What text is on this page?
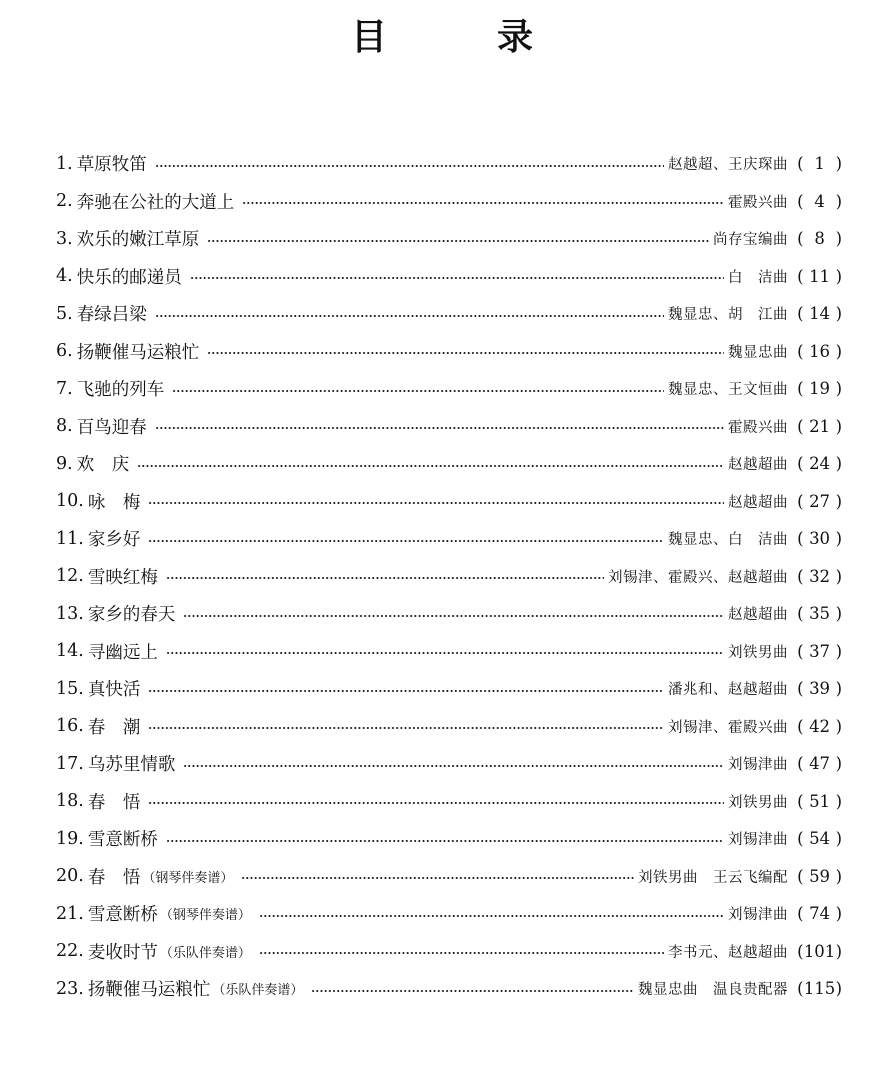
目	录
1. 草原牧笛	赵越超、王庆琛曲 ( 1 )
2. 奔驰在公社的大道上	霍殿兴曲 ( 4 )
3. 欢乐的嫩江草原	尚存宝编曲 ( 8 )
4. 快乐的邮递员	白　洁曲 ( 11 )
5. 春绿吕梁	魏显忠、胡　江曲 ( 14 )
6. 扬鞭催马运粮忙	魏显忠曲 ( 16 )
7. 飞驰的列车	魏显忠、王文恒曲 ( 19 )
8. 百鸟迎春	霍殿兴曲 ( 21 )
9. 欢　庆	赵越超曲 ( 24 )
10. 咏　梅	赵越超曲 ( 27 )
11. 家乡好	魏显忠、白　洁曲 ( 30 )
12. 雪映红梅	刘锡津、霍殿兴、赵越超曲 ( 32 )
13. 家乡的春天	赵越超曲 ( 35 )
14. 寻幽远上	刘铁男曲 ( 37 )
15. 真快活	潘兆和、赵越超曲 ( 39 )
16. 春　潮	刘锡津、霍殿兴曲 ( 42 )
17. 乌苏里情歌	刘锡津曲 ( 47 )
18. 春　悟	刘铁男曲 ( 51 )
19. 雪意断桥	刘锡津曲 ( 54 )
20. 春　悟 （钢琴伴奏谱）	刘铁男曲　王云飞编配 ( 59 )
21. 雪意断桥 （钢琴伴奏谱）	刘锡津曲 ( 74 )
22. 麦收时节 （乐队伴奏谱）	李书元、赵越超曲 (101)
23. 扬鞭催马运粮忙 （乐队伴奏谱）	魏显忠曲　温良贵配器 (115)
